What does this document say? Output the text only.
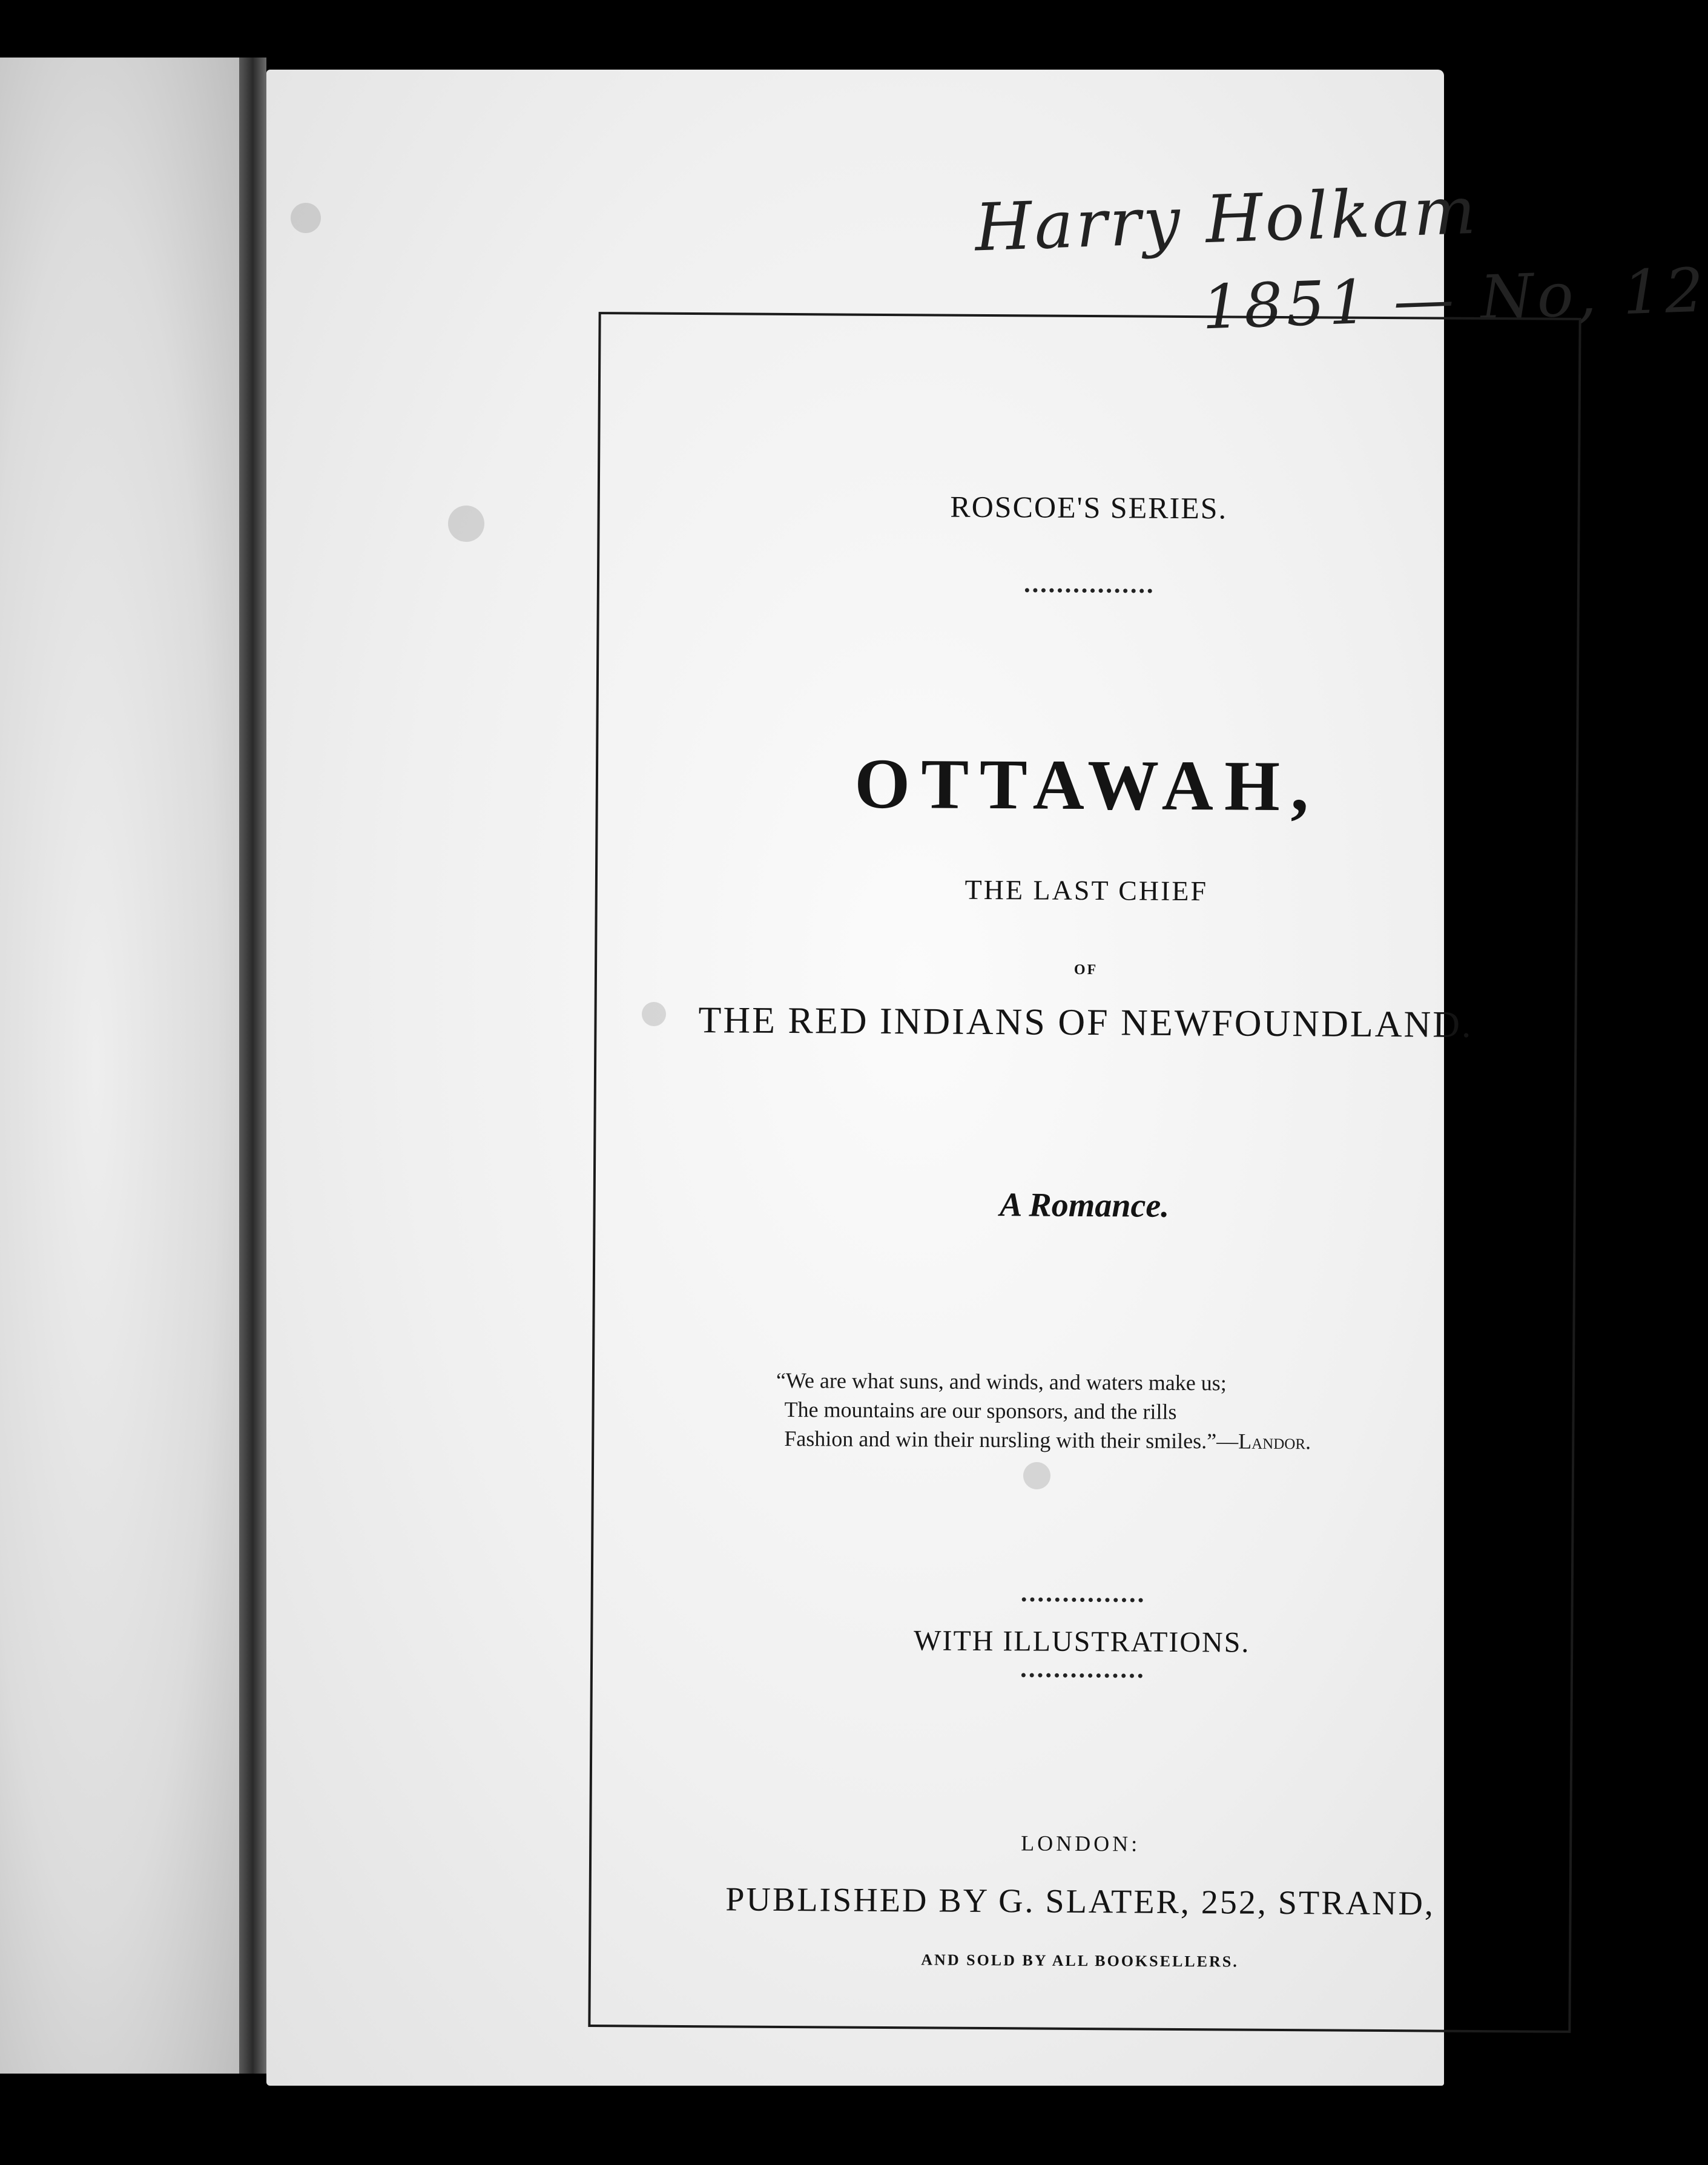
Harry Holkam
1851 — No, 12
ROSCOE'S SERIES.
OTTAWAH,
THE LAST CHIEF
OF
THE RED INDIANS OF NEWFOUNDLAND.
A Romance.
“We are what suns, and winds, and waters make us;
The mountains are our sponsors, and the rills
Fashion and win their nursling with their smiles.”—Landor.
WITH ILLUSTRATIONS.
LONDON:
PUBLISHED BY G. SLATER, 252, STRAND,
AND SOLD BY ALL BOOKSELLERS.
